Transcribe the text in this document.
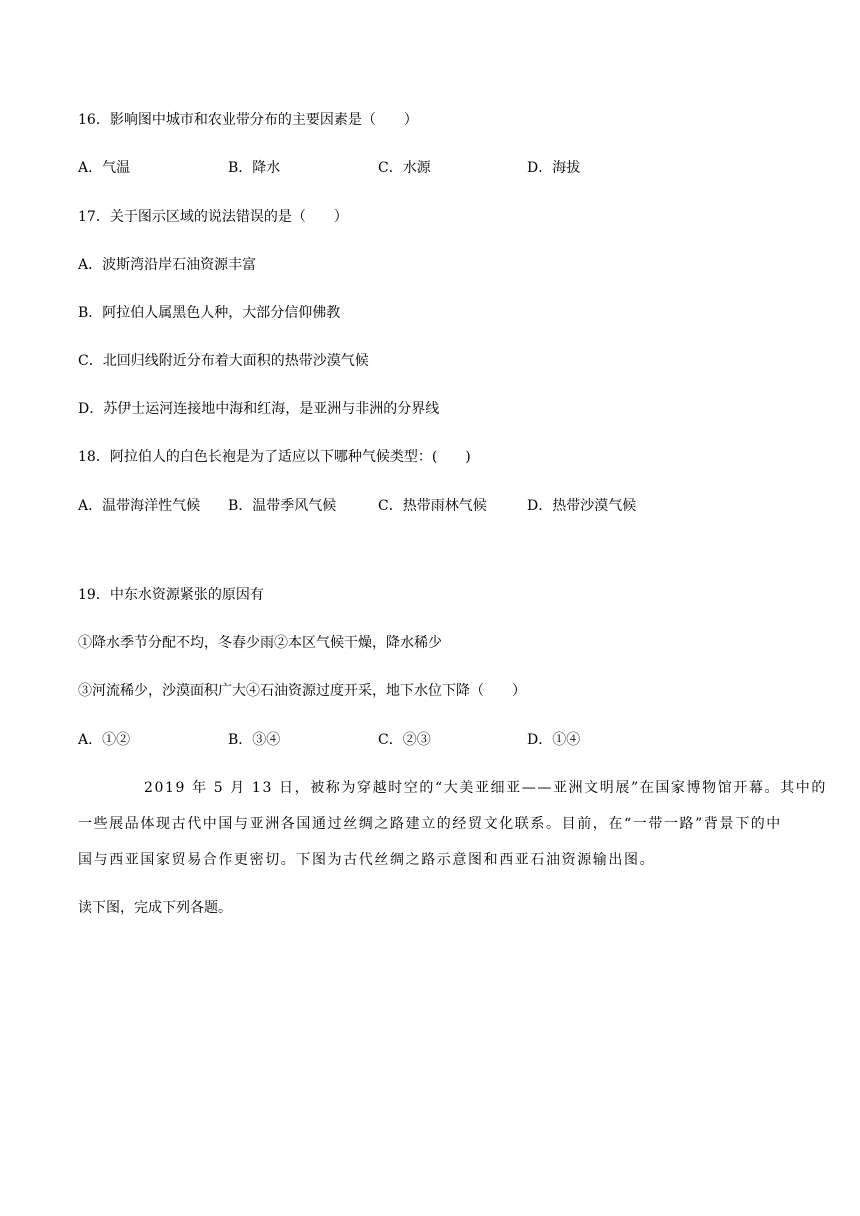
16．影响图中城市和农业带分布的主要因素是（　　）
A．气温	B．降水	C．水源	D．海拔
17．关于图示区域的说法错误的是（　　）
A．波斯湾沿岸石油资源丰富
B．阿拉伯人属黑色人种，大部分信仰佛教
C．北回归线附近分布着大面积的热带沙漠气候
D．苏伊士运河连接地中海和红海，是亚洲与非洲的分界线
18．阿拉伯人的白色长袍是为了适应以下哪种气候类型：(　　)
A．温带海洋性气候 B．温带季风气候	C．热带雨林气候	D．热带沙漠气候
19．中东水资源紧张的原因有
①降水季节分配不均，冬春少雨②本区气候干燥，降水稀少
③河流稀少，沙漠面积广大④石油资源过度开采，地下水位下降（　　）
A．①②	B．③④	C．②③	D．①④
2019 年 5 月 13 日，被称为穿越时空的“大美亚细亚——亚洲文明展”在国家博物馆开幕。其中的
一些展品体现古代中国与亚洲各国通过丝绸之路建立的经贸文化联系。目前，在“一带一路”背景下的中
国与西亚国家贸易合作更密切。下图为古代丝绸之路示意图和西亚石油资源输出图。
读下图，完成下列各题。
